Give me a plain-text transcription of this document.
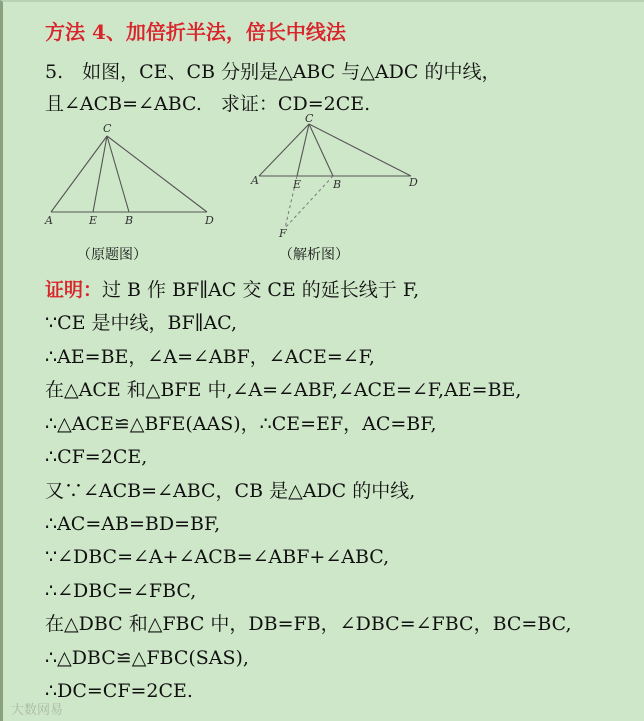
方法 4、加倍折半法，倍长中线法
5.　如图，CE、CB 分别是△ABC 与△ADC 的中线，
且∠ACB=∠ABC.　求证：CD=2CE.
C
A	E	B	D
（原题图）
C
A	E	B	D
F
（解析图）
证明：过 B 作 BF∥AC 交 CE 的延长线于 F,
∵CE 是中线，BF∥AC,
∴AE=BE，∠A=∠ABF，∠ACE=∠F,
在△ACE 和△BFE 中,∠A=∠ABF,∠ACE=∠F,AE=BE,
∴△ACE≌△BFE(AAS)，∴CE=EF，AC=BF,
∴CF=2CE,
又∵∠ACB=∠ABC，CB 是△ADC 的中线,
∴AC=AB=BD=BF,
∵∠DBC=∠A+∠ACB=∠ABF+∠ABC,
∴∠DBC=∠FBC,
在△DBC 和△FBC 中，DB=FB，∠DBC=∠FBC，BC=BC,
∴△DBC≌△FBC(SAS),
∴DC=CF=2CE.
大数网易
